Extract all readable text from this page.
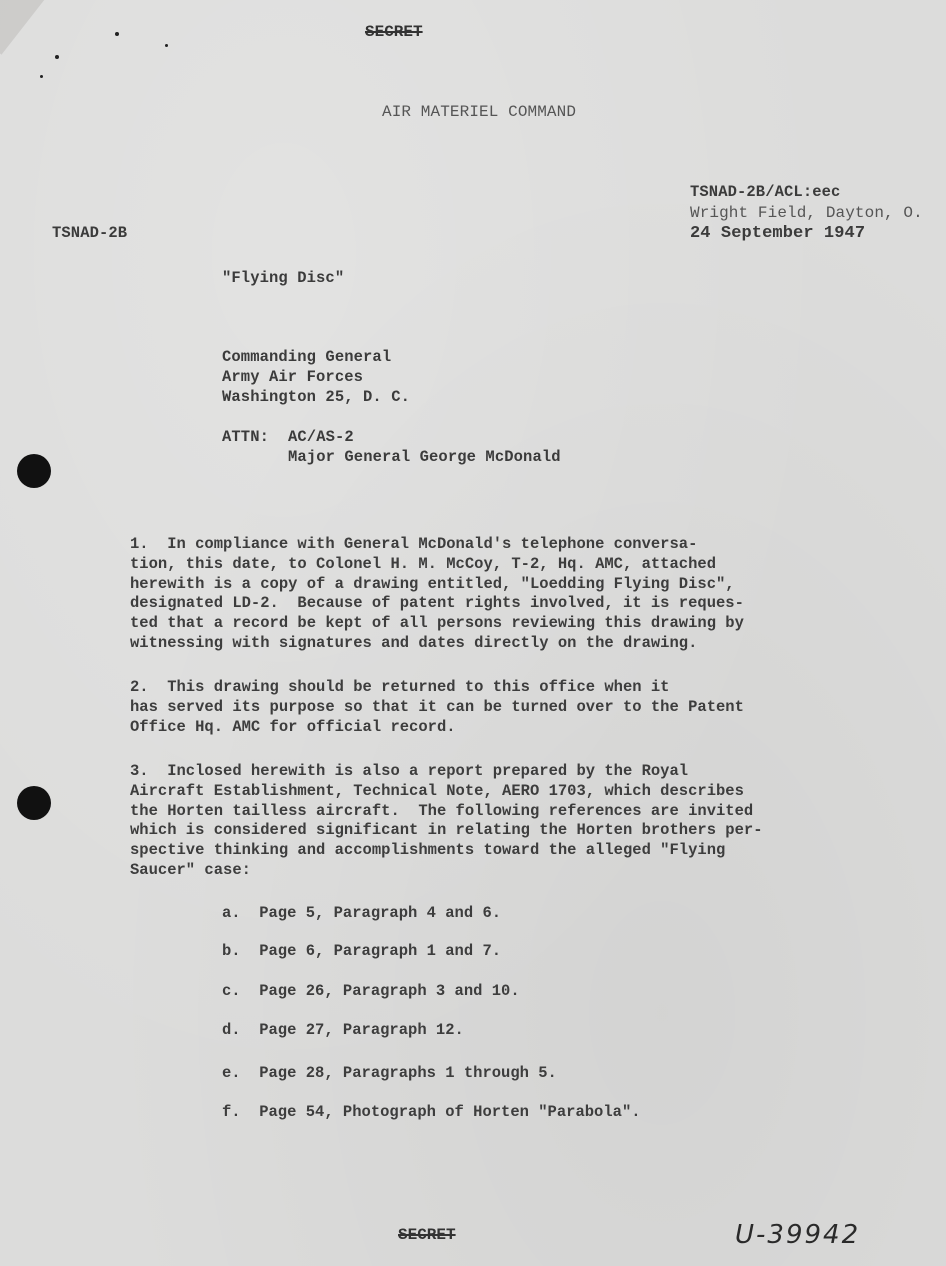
SECRET
AIR MATERIEL COMMAND
TSNAD-2B/ACL:eec
Wright Field, Dayton, O.
24 September 1947
TSNAD-2B
"Flying Disc"
Commanding General
Army Air Forces
Washington 25, D. C.
ATTN: AC/AS-2
Major General George McDonald
1.  In compliance with General McDonald's telephone conversa-
tion, this date, to Colonel H. M. McCoy, T-2, Hq. AMC, attached
herewith is a copy of a drawing entitled, "Loedding Flying Disc",
designated LD-2.  Because of patent rights involved, it is reques-
ted that a record be kept of all persons reviewing this drawing by
witnessing with signatures and dates directly on the drawing.
2.  This drawing should be returned to this office when it
has served its purpose so that it can be turned over to the Patent
Office Hq. AMC for official record.
3.  Inclosed herewith is also a report prepared by the Royal
Aircraft Establishment, Technical Note, AERO 1703, which describes
the Horten tailless aircraft.  The following references are invited
which is considered significant in relating the Horten brothers per-
spective thinking and accomplishments toward the alleged "Flying
Saucer" case:
a.  Page 5, Paragraph 4 and 6.
b.  Page 6, Paragraph 1 and 7.
c.  Page 26, Paragraph 3 and 10.
d.  Page 27, Paragraph 12.
e.  Page 28, Paragraphs 1 through 5.
f.  Page 54, Photograph of Horten "Parabola".
SECRET	U-39942
